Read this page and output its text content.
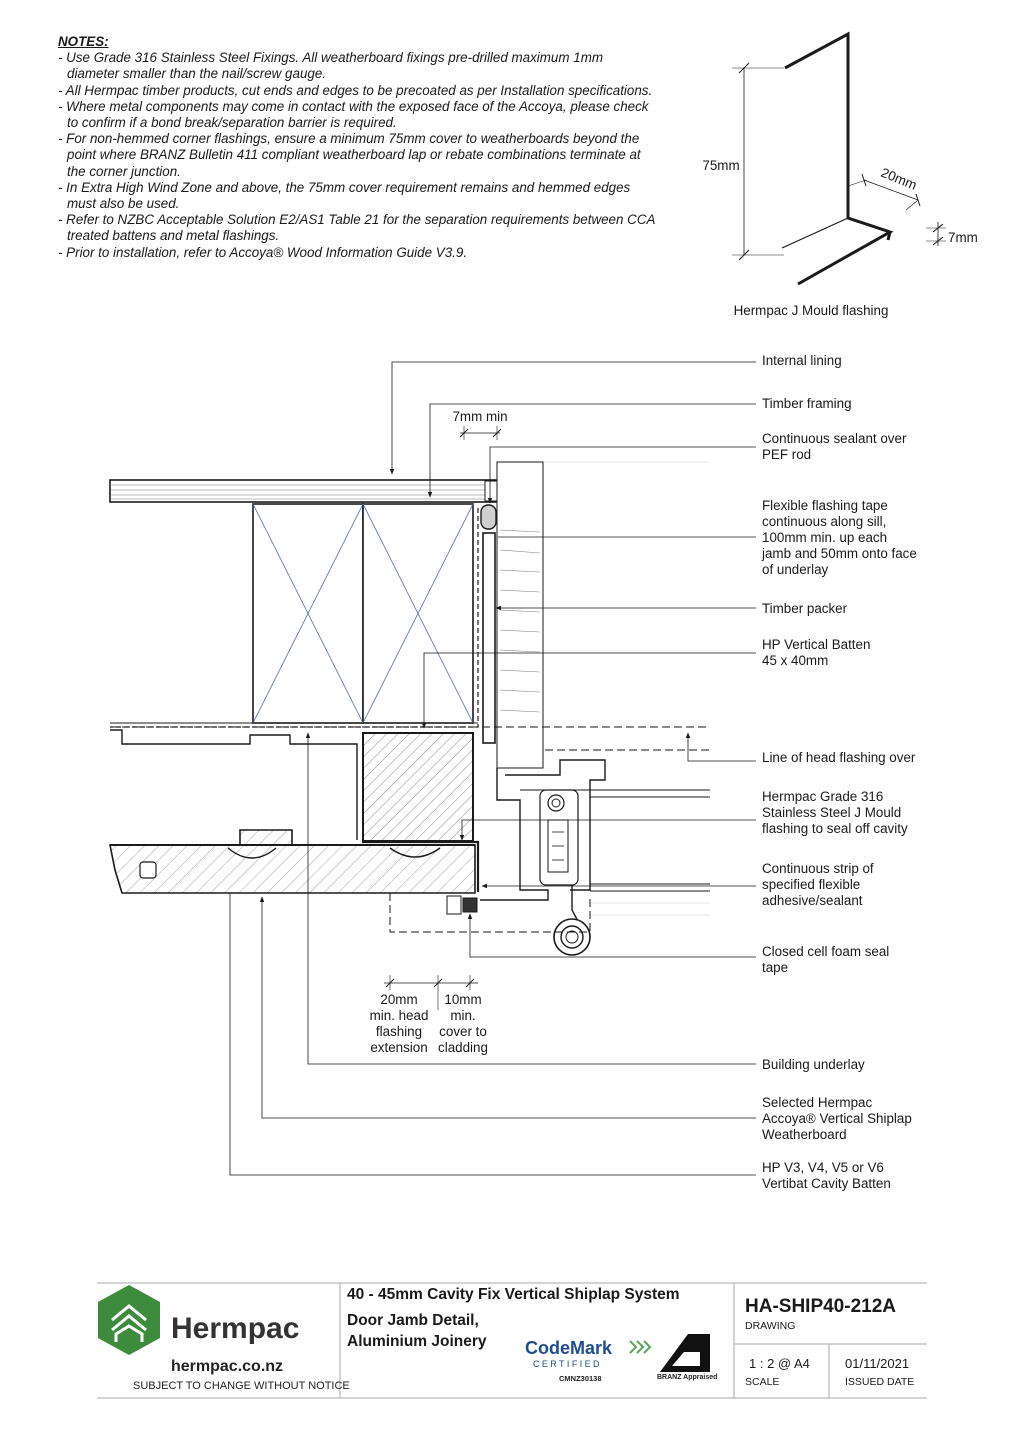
NOTES:
- Use Grade 316 Stainless Steel Fixings. All weatherboard fixings pre-drilled maximum 1mm
diameter smaller than the nail/screw gauge.
- All Hermpac timber products, cut ends and edges to be precoated as per Installation specifications.
- Where metal components may come in contact with the exposed face of the Accoya, please check
to confirm if a bond break/separation barrier is required.
- For non-hemmed corner flashings, ensure a minimum 75mm cover to weatherboards beyond the
point where BRANZ Bulletin 411 compliant weatherboard lap or rebate combinations terminate at
the corner junction.
- In Extra High Wind Zone and above, the 75mm cover requirement remains and hemmed edges
must also be used.
- Refer to NZBC Acceptable Solution E2/AS1 Table 21 for the separation requirements between CCA
treated battens and metal flashings.
- Prior to installation, refer to Accoya® Wood Information Guide V3.9.
75mm	20mm
7mm
Hermpac J Mould flashing
7mm min
20mm
min. head
flashing
extension
10mm
min.
cover to
cladding
Internal lining
Timber framing
Continuous sealant over
PEF rod
Flexible flashing tape
continuous along sill,
100mm min. up each
jamb and 50mm onto face
of underlay
Timber packer
HP Vertical Batten
45 x 40mm
Line of head flashing over
Hermpac Grade 316
Stainless Steel J Mould
flashing to seal off cavity
Continuous strip of
specified flexible
adhesive/sealant
Closed cell foam seal
tape
Building underlay
Selected Hermpac
Accoya® Vertical Shiplap
Weatherboard
HP V3, V4, V5 or V6
Vertibat Cavity Batten
Hermpac
hermpac.co.nz
SUBJECT TO CHANGE WITHOUT NOTICE
40 - 45mm Cavity Fix Vertical Shiplap System
Door Jamb Detail,
Aluminium Joinery CodeMark
CERTIFIED
CMNZ30138	BRANZ Appraised
HA-SHIP40-212A
DRAWING
1 : 2 @ A4
SCALE
01/11/2021
ISSUED DATE
